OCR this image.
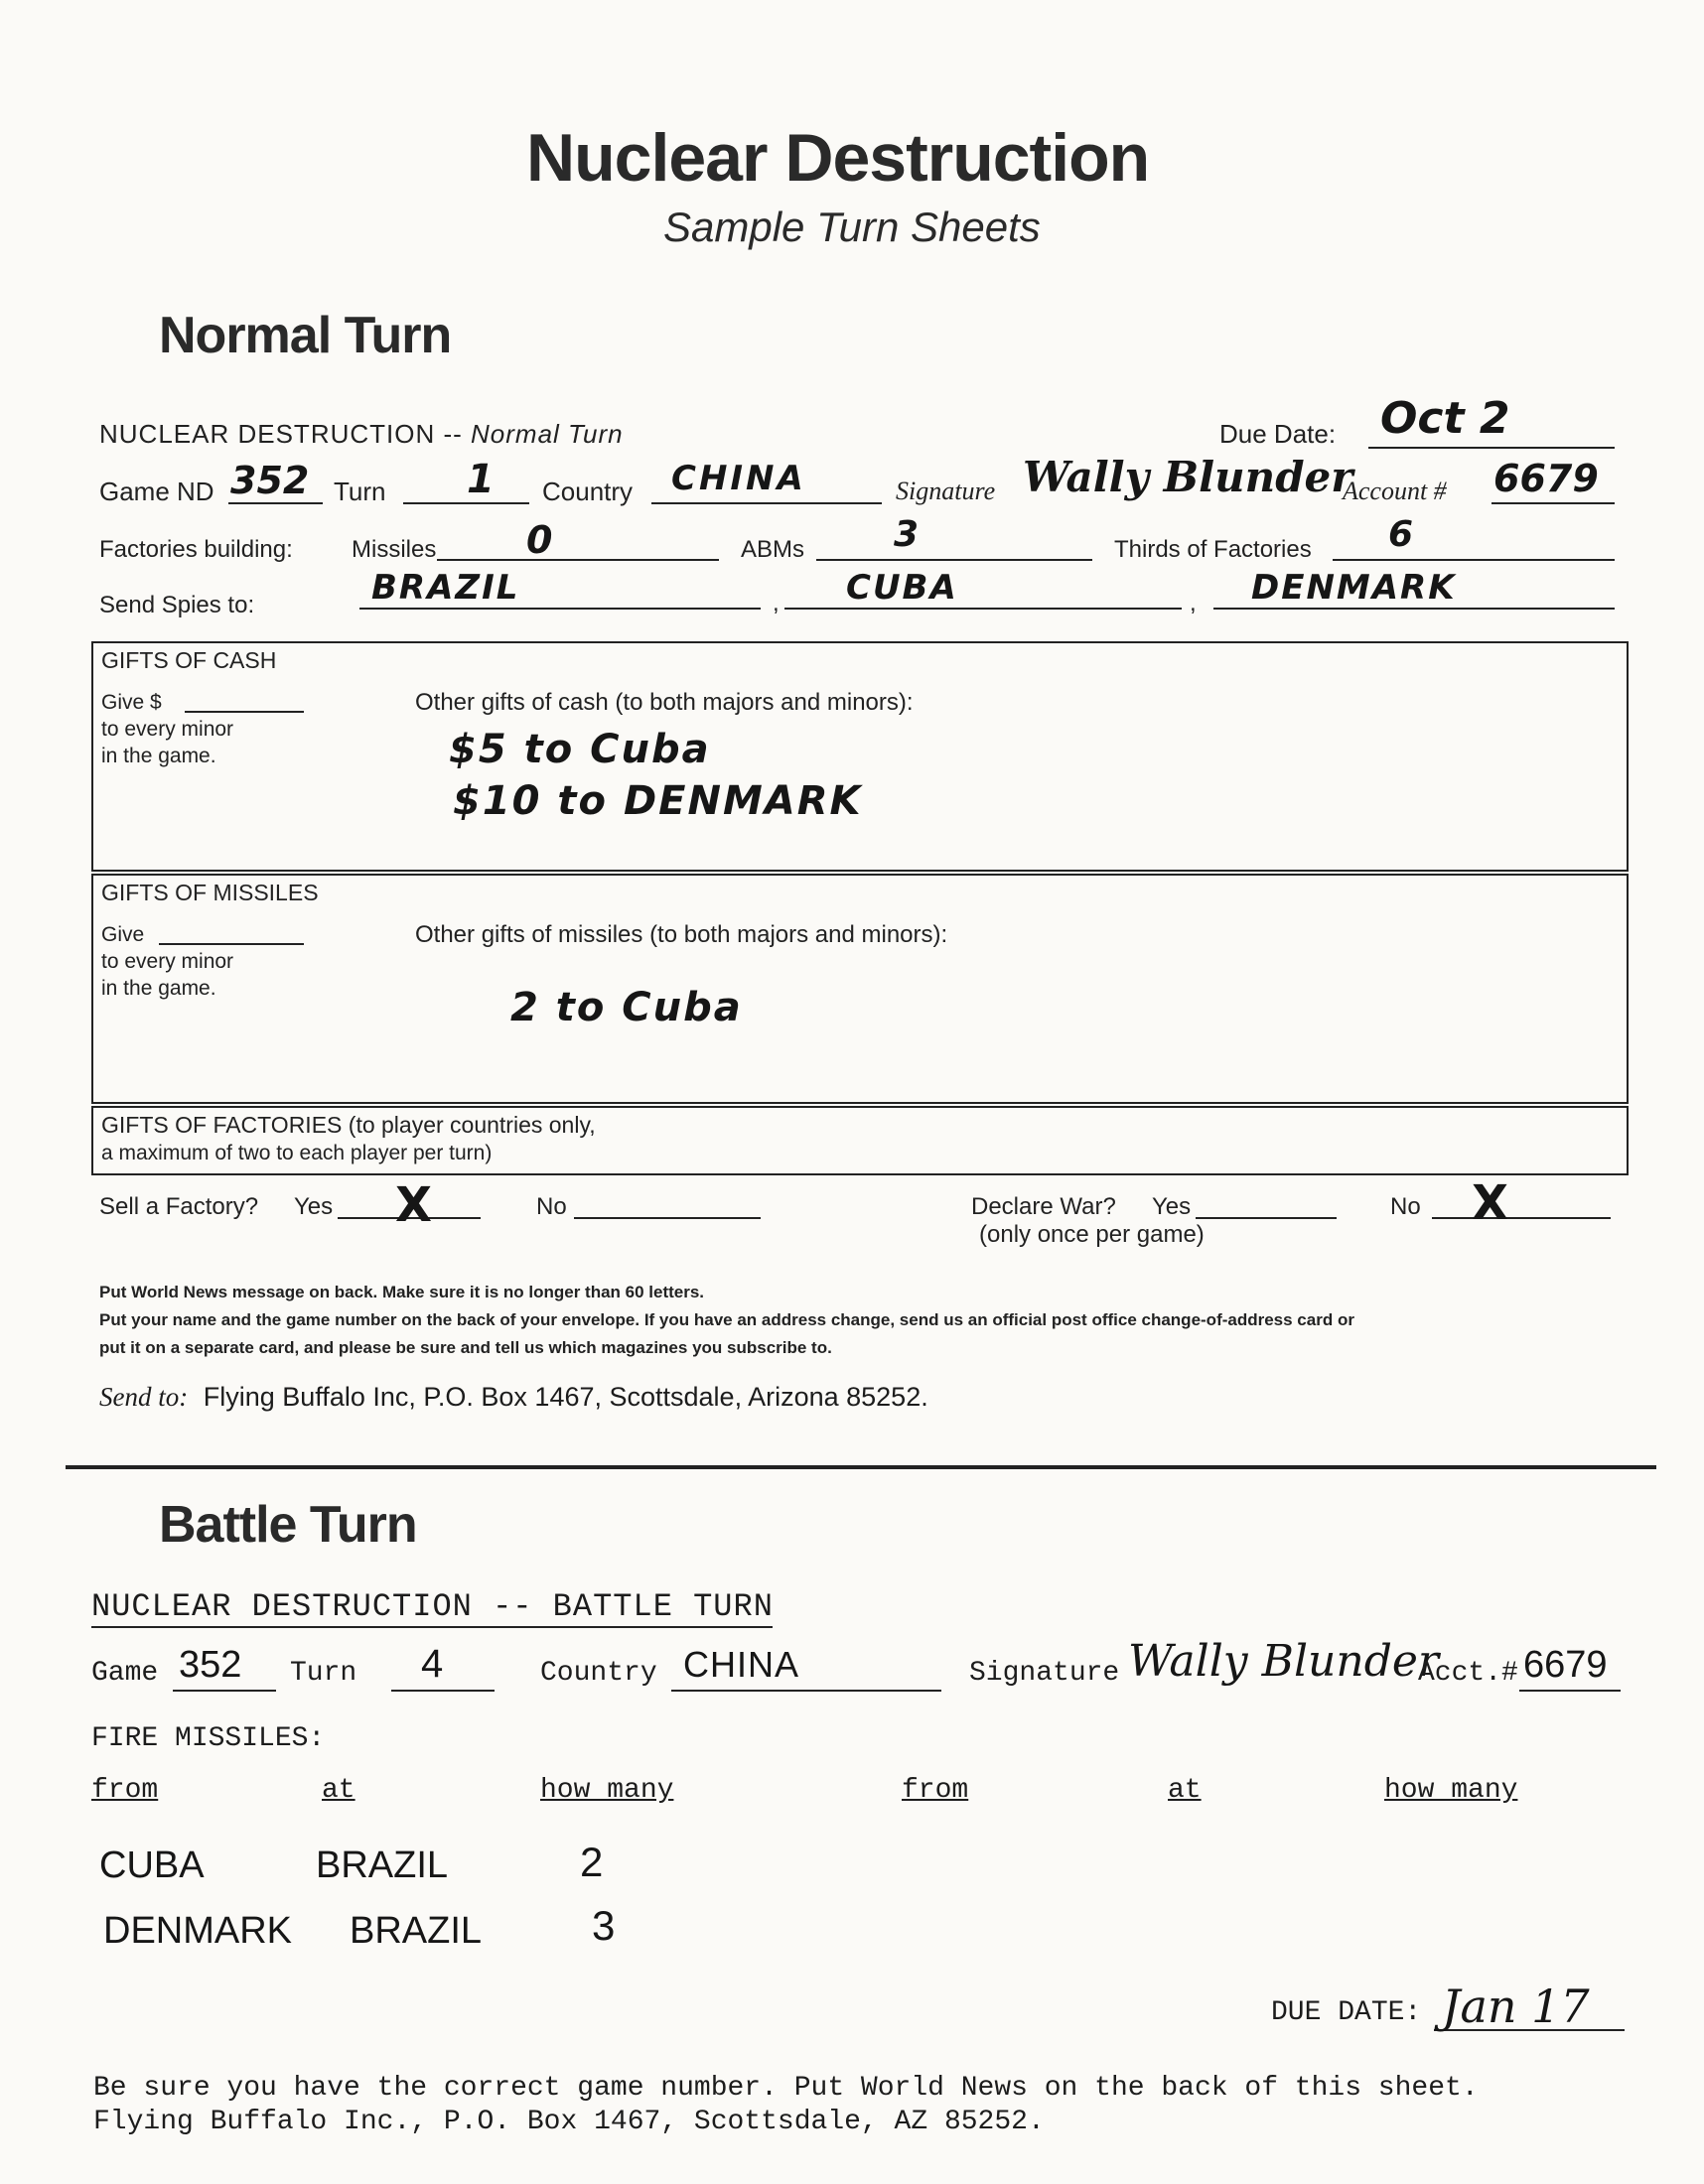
Nuclear Destruction
Sample Turn Sheets
Normal Turn
NUCLEAR DESTRUCTION -- Normal Turn	Due Date: Oct 2
Game ND 352 Turn 1 Country CHINA	Signature Wally Blunder
Account # 6679
Factories building: Missiles 0	ABMs 3	Thirds of Factories 6
Send Spies to:	BRAZIL	, CUBA	, DENMARK
GIFTS OF CASH
Give $
to every minor
in the game.
Other gifts of cash (to both majors and minors):
$5 to Cuba
$10 to DENMARK
GIFTS OF MISSILES
Give
to every minor
in the game.
Other gifts of missiles (to both majors and minors):
2 to Cuba
GIFTS OF FACTORIES (to player countries only,
a maximum of two to each player per turn)
Sell a Factory? Yes X	No	Declare War? Yes
(only once per game)
No X
Put World News message on back. Make sure it is no longer than 60 letters.
Put your name and the game number on the back of your envelope. If you have an address change, send us an official post office change-of-address card or
put it on a separate card, and please be sure and tell us which magazines you subscribe to.
Send to: Flying Buffalo Inc, P.O. Box 1467, Scottsdale, Arizona 85252.
Battle Turn
NUCLEAR DESTRUCTION -- BATTLE TURN
Game 352 Turn 4	Country CHINA	Signature Wally Blunder
Acct.# 6679
FIRE MISSILES:
from	at	how many	from	at	how many
CUBA	BRAZIL	2
DENMARK BRAZIL	3
DUE DATE: Jan 17
Be sure you have the correct game number. Put World News on the back of this sheet.
Flying Buffalo Inc., P.O. Box 1467, Scottsdale, AZ 85252.
